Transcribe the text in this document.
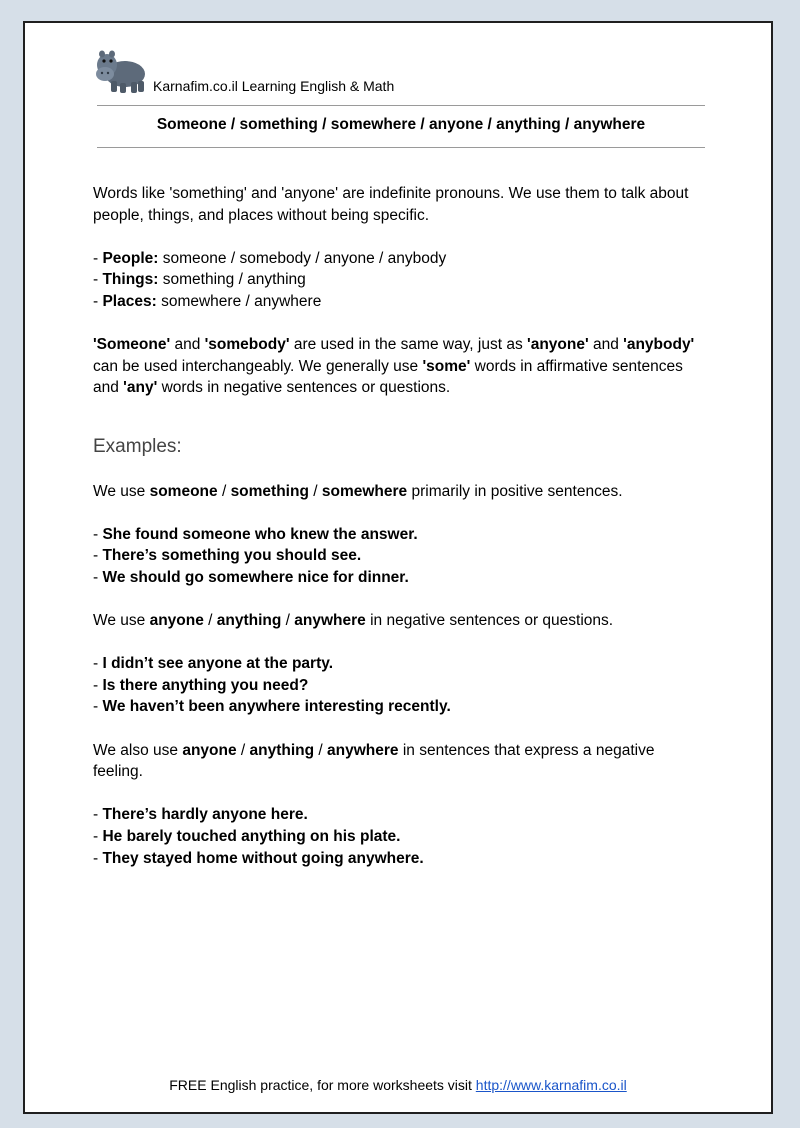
Karnafim.co.il Learning English & Math
Someone / something / somewhere / anyone / anything / anywhere

Words like 'something' and 'anyone' are indefinite pronouns. We use them to talk about people, things, and places without being specific.

- People: someone / somebody / anyone / anybody
- Things: something / anything
- Places: somewhere / anywhere

'Someone' and 'somebody' are used in the same way, just as 'anyone' and 'anybody' can be used interchangeably. We generally use 'some' words in affirmative sentences and 'any' words in negative sentences or questions.

Examples:

We use someone / something / somewhere primarily in positive sentences.

- She found someone who knew the answer.
- There’s something you should see.
- We should go somewhere nice for dinner.

We use anyone / anything / anywhere in negative sentences or questions.

- I didn’t see anyone at the party.
- Is there anything you need?
- We haven’t been anywhere interesting recently.

We also use anyone / anything / anywhere in sentences that express a negative feeling.

- There’s hardly anyone here.
- He barely touched anything on his plate.
- They stayed home without going anywhere.
FREE English practice, for more worksheets visit http://www.karnafim.co.il
